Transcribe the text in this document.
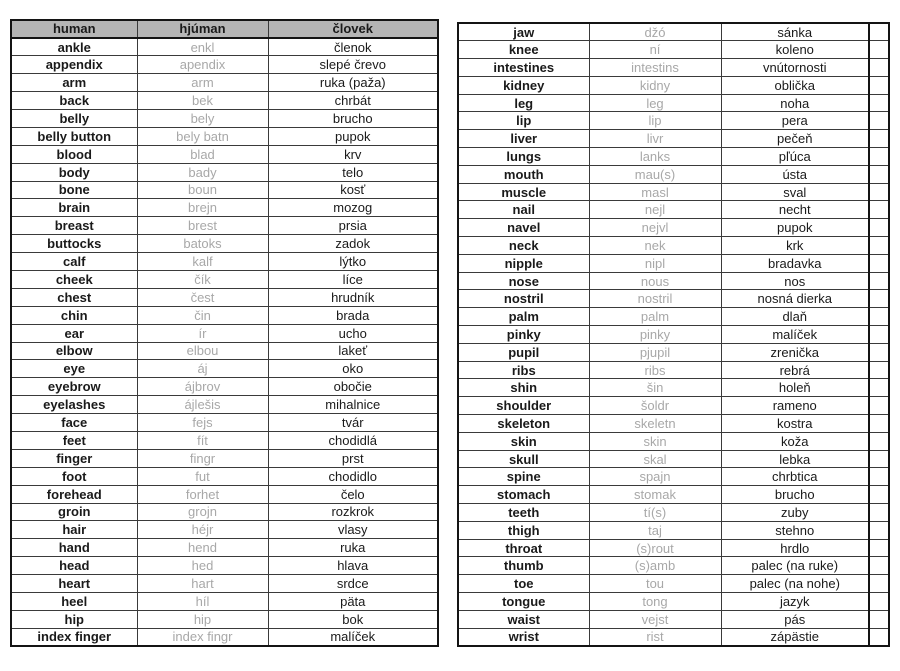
human	hjúman	človek
ankle	enkl	členok
appendix	apendix	slepé črevo
arm	arm	ruka (paža)
back	bek	chrbát
belly	bely	brucho
belly button	bely batn	pupok
blood	blad	krv
body	bady	telo
bone	boun	kosť
brain	brejn	mozog
breast	brest	prsia
buttocks	batoks	zadok
calf	kalf	lýtko
cheek	čík	líce
chest	čest	hrudník
chin	čin	brada
ear	ír	ucho
elbow	elbou	lakeť
eye	áj	oko
eyebrow	ájbrov	obočie
eyelashes	ájlešis	mihalnice
face	fejs	tvár
feet	fít	chodidlá
finger	fingr	prst
foot	fut	chodidlo
forehead	forhet	čelo
groin	grojn	rozkrok
hair	héjr	vlasy
hand	hend	ruka
head	hed	hlava
heart	hart	srdce
heel	híl	päta
hip	hip	bok
index finger	index fingr	malíček
jaw	džó	sánka	
knee	ní	koleno	
intestines	intestins	vnútornosti	
kidney	kidny	oblička	
leg	leg	noha	
lip	lip	pera	
liver	livr	pečeň	
lungs	lanks	pľúca	
mouth	mau(s)	ústa	
muscle	masl	sval	
nail	nejl	necht	
navel	nejvl	pupok	
neck	nek	krk	
nipple	nipl	bradavka	
nose	nous	nos	
nostril	nostril	nosná dierka	
palm	palm	dlaň	
pinky	pinky	malíček	
pupil	pjupil	zrenička	
ribs	ribs	rebrá	
shin	šin	holeň	
shoulder	šoldr	rameno	
skeleton	skeletn	kostra	
skin	skin	koža	
skull	skal	lebka	
spine	spajn	chrbtica	
stomach	stomak	brucho	
teeth	tí(s)	zuby	
thigh	taj	stehno	
throat	(s)rout	hrdlo	
thumb	(s)amb	palec (na ruke)	
toe	tou	palec (na nohe)	
tongue	tong	jazyk	
waist	vejst	pás	
wrist	rist	zápästie	
